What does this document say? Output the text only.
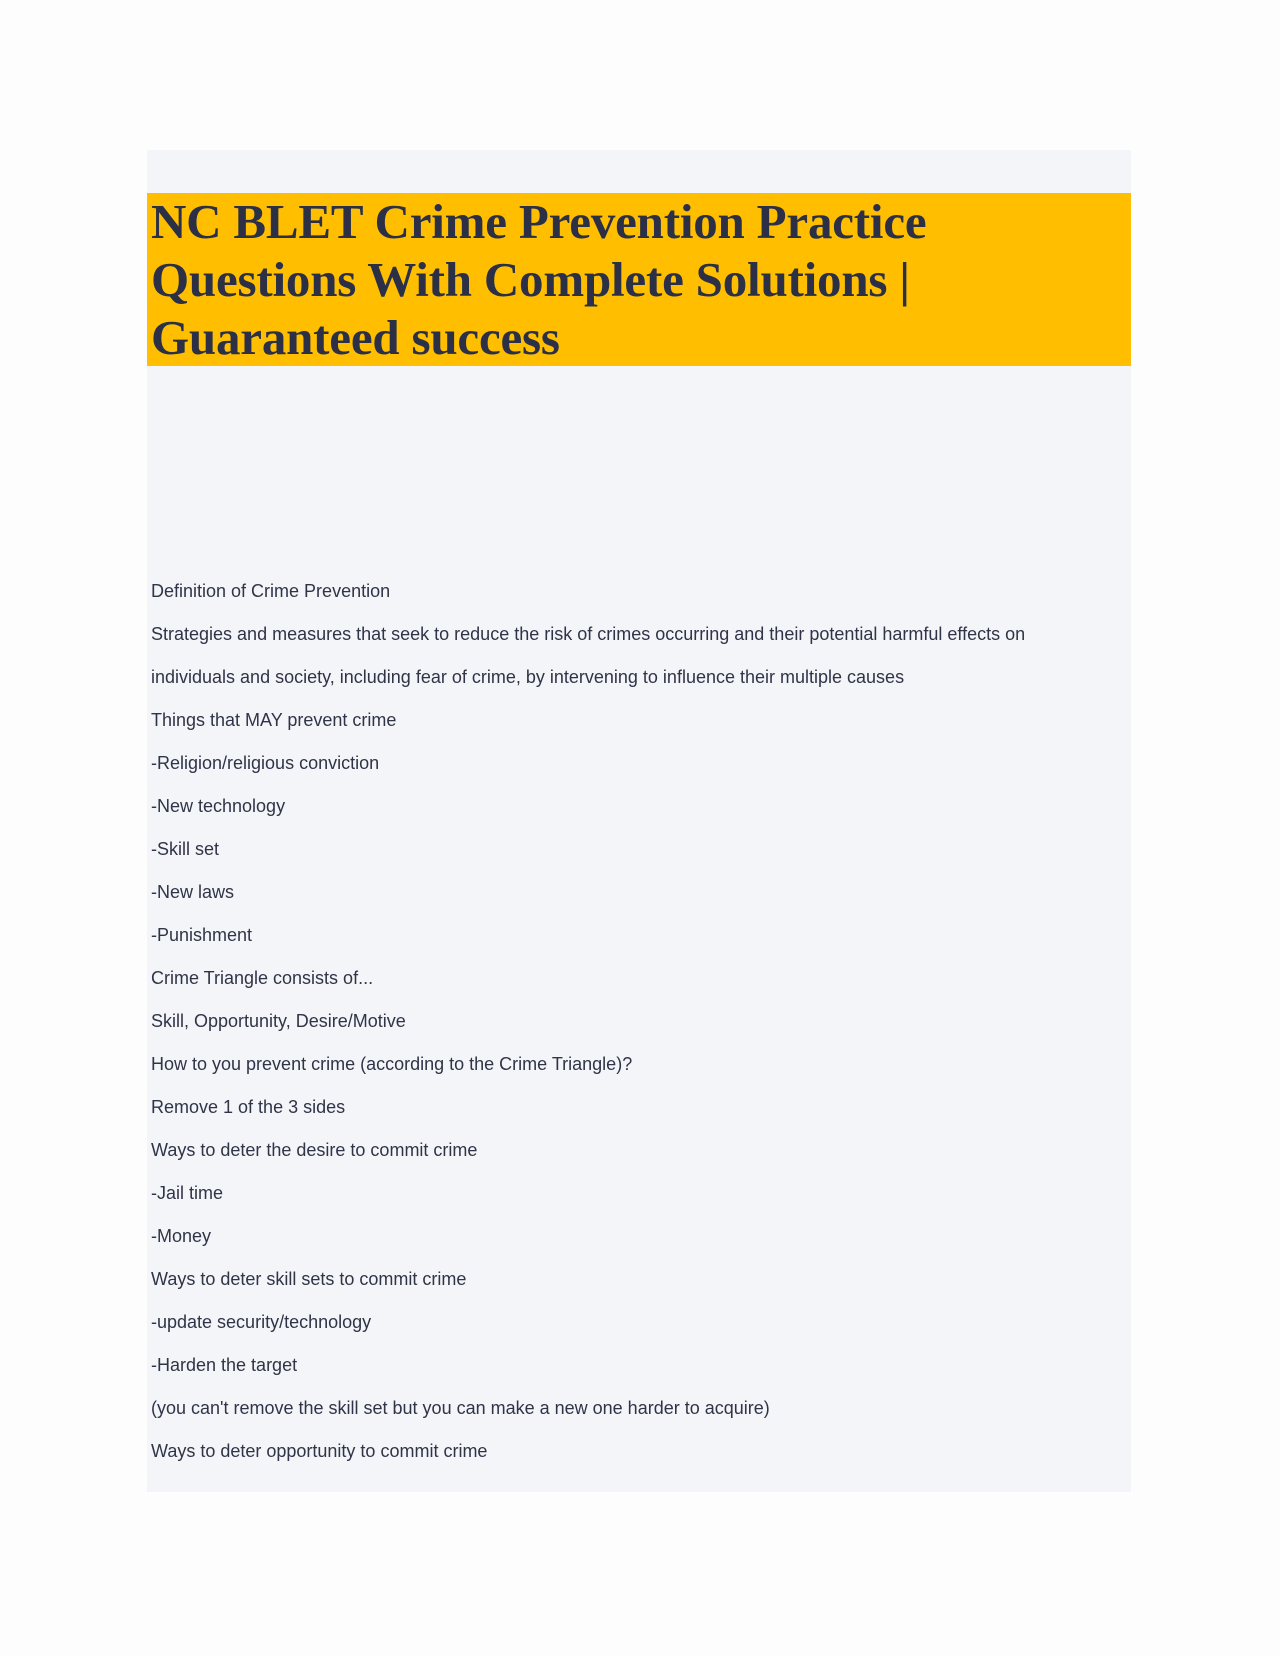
NC BLET Crime Prevention Practice Questions With Complete Solutions | Guaranteed success

Definition of Crime Prevention

Strategies and measures that seek to reduce the risk of crimes occurring and their potential harmful effects on

individuals and society, including fear of crime, by intervening to influence their multiple causes

Things that MAY prevent crime

-Religion/religious conviction

-New technology

-Skill set

-New laws

-Punishment

Crime Triangle consists of...

Skill, Opportunity, Desire/Motive

How to you prevent crime (according to the Crime Triangle)?

Remove 1 of the 3 sides

Ways to deter the desire to commit crime

-Jail time

-Money

Ways to deter skill sets to commit crime

-update security/technology

-Harden the target

(you can't remove the skill set but you can make a new one harder to acquire)

Ways to deter opportunity to commit crime
